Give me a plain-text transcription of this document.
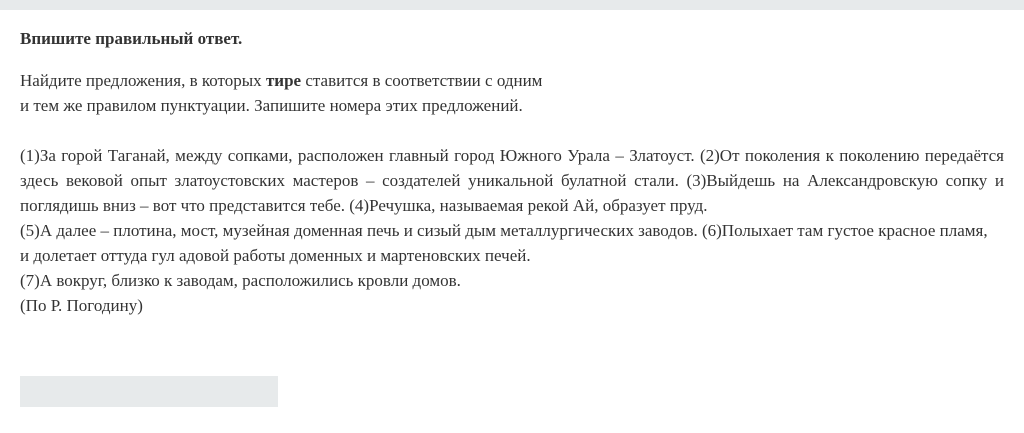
Впишите правильный ответ.

Найдите предложения, в которых тире ставится в соответствии с одним

и тем же правилом пунктуации. Запишите номера этих предложений.

(1)За горой Таганай, между сопками, расположен главный город Южного Урала – Златоуст. (2)От поколения к поколению передаётся здесь вековой опыт златоустовских мастеров – создателей уникальной булатной стали. (3)Выйдешь на Александровскую сопку и поглядишь вниз – вот что представится тебе. (4)Речушка, называемая рекой Ай, образует пруд.

(5)А далее – плотина, мост, музейная доменная печь и сизый дым металлургических заводов. (6)Полыхает там густое красное пламя,

и долетает оттуда гул адовой работы доменных и мартеновских печей.

(7)А вокруг, близко к заводам, расположились кровли домов.

(По Р. Погодину)
